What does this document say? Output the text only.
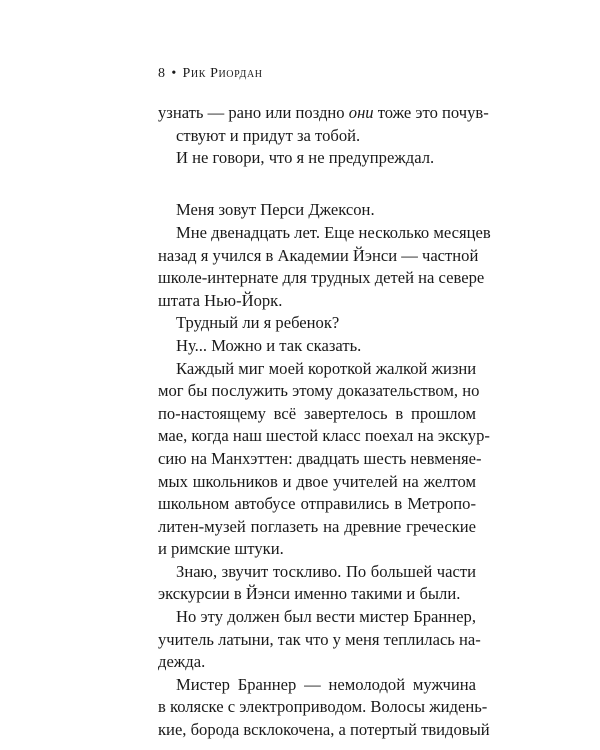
8 • Рик Риордан
узнать — рано или поздно они тоже это почув-
ствуют и придут за тобой.
И не говори, что я не предупреждал.
Меня зовут Перси Джексон.
Мне двенадцать лет. Еще несколько месяцев
назад я учился в Академии Йэнси — частной
школе-интернате для трудных детей на севере
штата Нью-Йорк.
Трудный ли я ребенок?
Ну... Можно и так сказать.
Каждый миг моей короткой жалкой жизни
мог бы послужить этому доказательством, но
по-настоящему всё завертелось в прошлом
мае, когда наш шестой класс поехал на экскур-
сию на Манхэттен: двадцать шесть невменяе-
мых школьников и двое учителей на желтом
школьном автобусе отправились в Метропо-
литен-музей поглазеть на древние греческие
и римские штуки.
Знаю, звучит тоскливо. По большей части
экскурсии в Йэнси именно такими и были.
Но эту должен был вести мистер Браннер,
учитель латыни, так что у меня теплилась на-
дежда.
Мистер Браннер — немолодой мужчина
в коляске с электроприводом. Волосы жидень-
кие, борода всклокочена, а потертый твидовый
